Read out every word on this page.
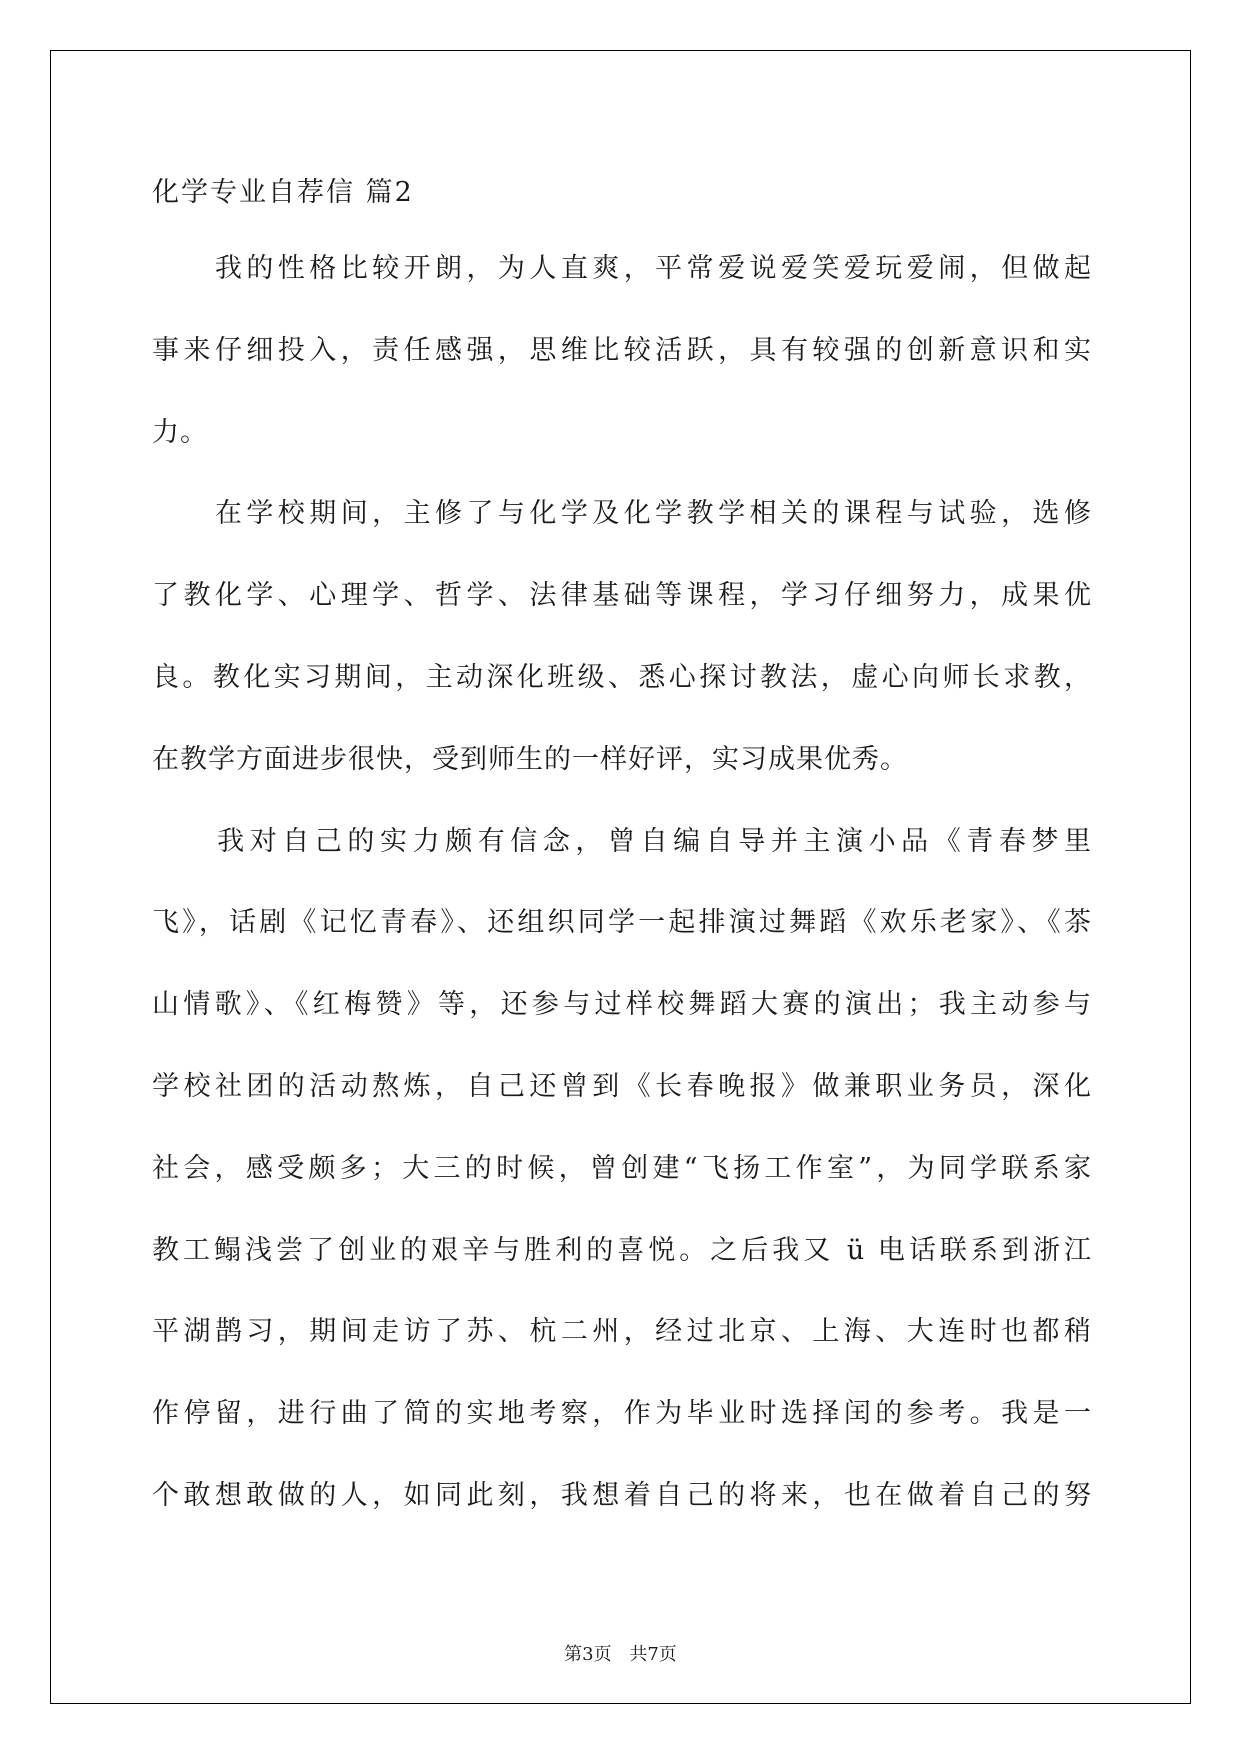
化学专业自荐信 篇2
　　我的性格比较开朗，为人直爽，平常爱说爱笑爱玩爱闹，但做起
事来仔细投入，责任感强，思维比较活跃，具有较强的创新意识和实
力。
　　在学校期间，主修了与化学及化学教学相关的课程与试验，选修
了教化学、心理学、哲学、法律基础等课程，学习仔细努力，成果优
良。教化实习期间，主动深化班级、悉心探讨教法，虚心向师长求教，
在教学方面进步很快，受到师生的一样好评，实习成果优秀。
　　我对自己的实力颇有信念，曾自编自导并主演小品《青春梦里
飞》，话剧《记忆青春》、还组织同学一起排演过舞蹈《欢乐老家》、《茶
山情歌》、《红梅赞》等，还参与过样校舞蹈大赛的演出；我主动参与
学校社团的活动熬炼，自己还曾到《长春晚报》做兼职业务员，深化
社会，感受颇多；大三的时候，曾创建“飞扬工作室”，为同学联系家
教工鳎浅尝了创业的艰辛与胜利的喜悦。之后我又 ü 电话联系到浙江
平湖鹊习，期间走访了苏、杭二州，经过北京、上海、大连时也都稍
作停留，进行曲了简的实地考察，作为毕业时选择闰的参考。我是一
个敢想敢做的人，如同此刻，我想着自己的将来，也在做着自己的努
第3页 共7页
